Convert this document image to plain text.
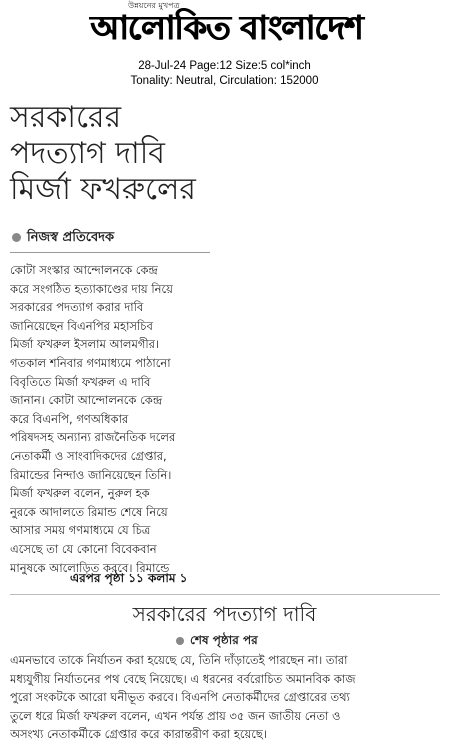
উন্নয়নের মুখপত্র
আলোকিত বাংলাদেশ
28-Jul-24 Page:12 Size:5 col*inch
Tonality: Neutral, Circulation: 152000
সরকারের
পদত্যাগ দাবি
মির্জা ফখরুলের
নিজস্ব প্রতিবেদক
কোটা সংস্কার আন্দোলনকে কেন্দ্র
করে সংগঠিত হত্যাকাণ্ডের দায় নিয়ে
সরকারের পদত্যাগ করার দাবি
জানিয়েছেন বিএনপির মহাসচিব
মির্জা ফখরুল ইসলাম আলমগীর।
গতকাল শনিবার গণমাধ্যমে পাঠানো
বিবৃতিতে মির্জা ফখরুল এ দাবি
জানান। কোটা আন্দোলনকে কেন্দ্র
করে বিএনপি, গণঅধিকার
পরিষদসহ অন্যান্য রাজনৈতিক দলের
নেতাকর্মী ও সাংবাদিকদের গ্রেপ্তার,
রিমান্ডের নিন্দাও জানিয়েছেন তিনি।
মির্জা ফখরুল বলেন, নুরুল হক
নুরকে আদালতে রিমান্ড শেষে নিয়ে
আসার সময় গণমাধ্যমে যে চিত্র
এসেছে তা যে কোনো বিবেকবান
মানুষকে আলোড়িত করবে। রিমান্ডে
এরপর পৃষ্ঠা ১১ কলাম ১
সরকারের পদত্যাগ দাবি
শেষ পৃষ্ঠার পর
এমনভাবে তাকে নির্যাতন করা হয়েছে যে, তিনি দাঁড়াতেই পারছেন না। তারা
মধ্যযুগীয় নির্যাতনের পথ বেছে নিয়েছে। এ ধরনের বর্বরোচিত অমানবিক কাজ
পুরো সংকটকে আরো ঘনীভূত করবে। বিএনপি নেতাকর্মীদের গ্রেপ্তারের তথ্য
তুলে ধরে মির্জা ফখরুল বলেন, এখন পর্যন্ত প্রায় ৩৫ জন জাতীয় নেতা ও
অসংখ্য নেতাকর্মীকে গ্রেপ্তার করে কারান্তরীণ করা হয়েছে।
